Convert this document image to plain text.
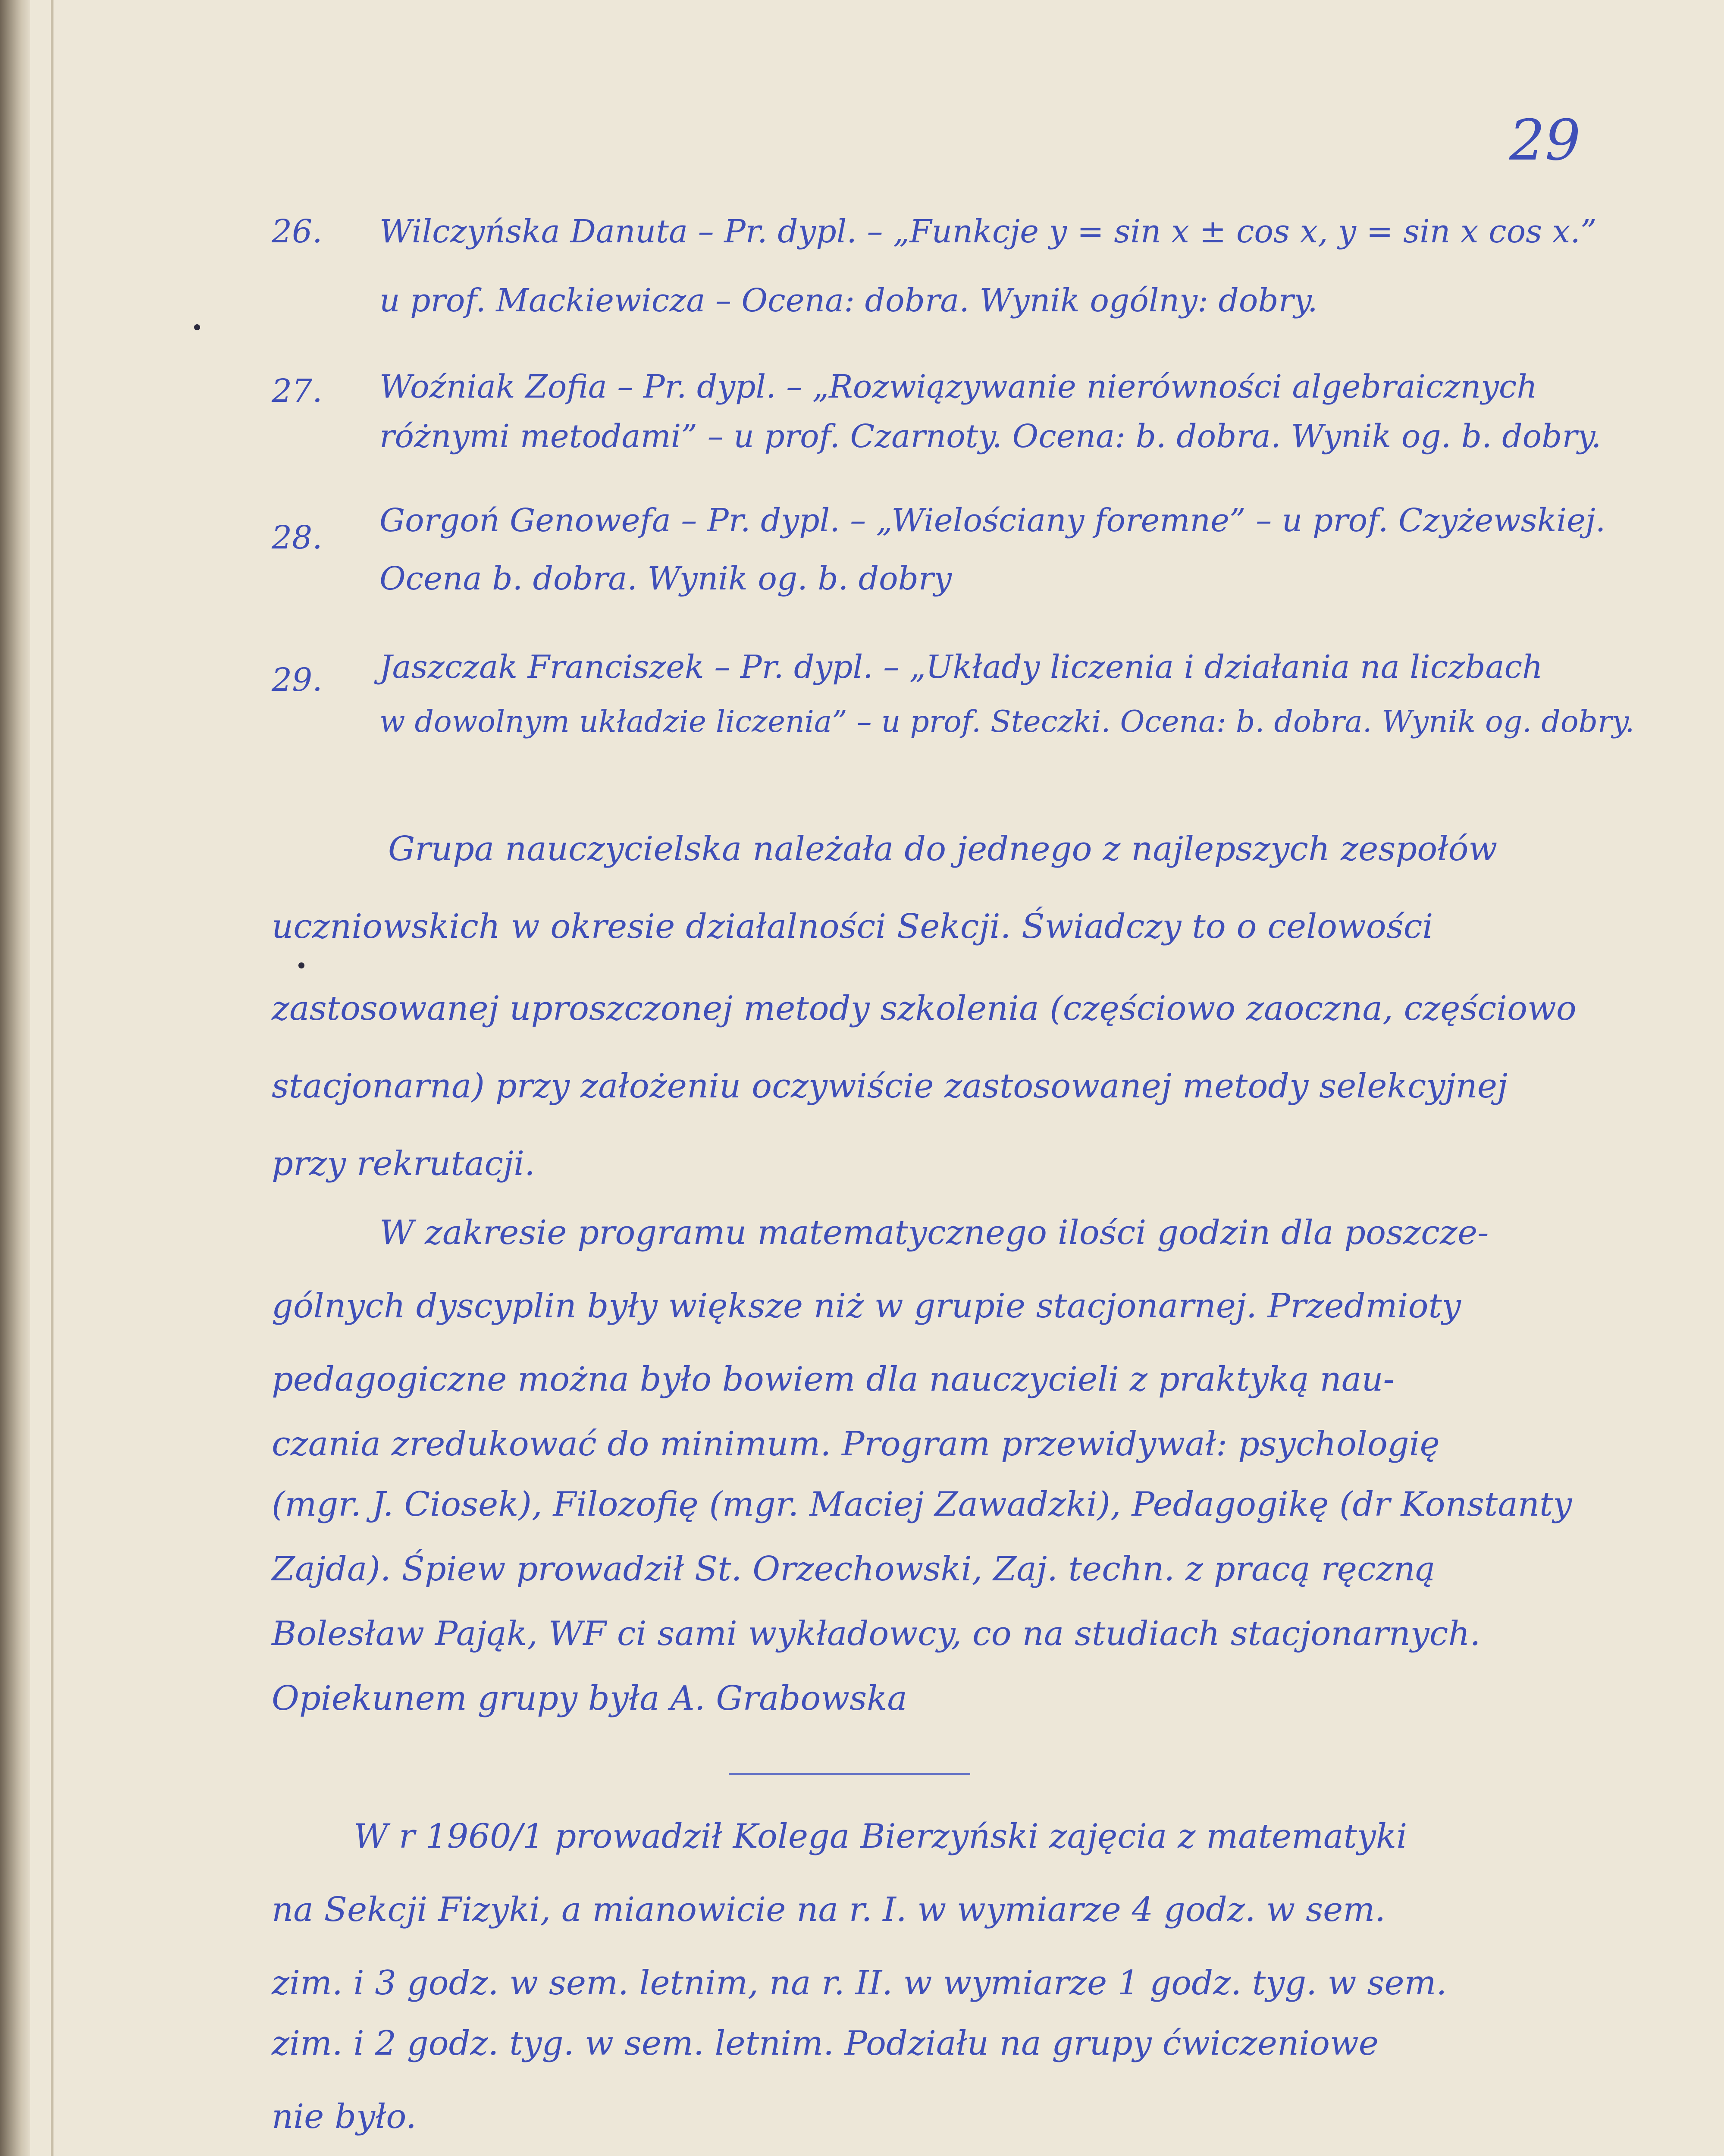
29
26. Wilczyńska Danuta – Pr. dypl. – „Funkcje y = sin x ± cos x, y = sin x cos x.”
u prof. Mackiewicza – Ocena: dobra. Wynik ogólny: dobry.
27. Woźniak Zofia – Pr. dypl. – „Rozwiązywanie nierówności algebraicznych
różnymi metodami” – u prof. Czarnoty. Ocena: b. dobra. Wynik og. b. dobry.
28. Gorgoń Genowefa – Pr. dypl. – „Wielościany foremne” – u prof. Czyżewskiej.
Ocena b. dobra. Wynik og. b. dobry
29. Jaszczak Franciszek – Pr. dypl. – „Układy liczenia i działania na liczbach
w dowolnym układzie liczenia” – u prof. Steczki. Ocena: b. dobra. Wynik og. dobry.
Grupa nauczycielska należała do jednego z najlepszych zespołów
uczniowskich w okresie działalności Sekcji. Świadczy to o celowości
zastosowanej uproszczonej metody szkolenia (częściowo zaoczna, częściowo
stacjonarna) przy założeniu oczywiście zastosowanej metody selekcyjnej
przy rekrutacji.
W zakresie programu matematycznego ilości godzin dla poszcze-
gólnych dyscyplin były większe niż w grupie stacjonarnej. Przedmioty
pedagogiczne można było bowiem dla nauczycieli z praktyką nau-
czania zredukować do minimum. Program przewidywał: psychologię
(mgr. J. Ciosek), Filozofię (mgr. Maciej Zawadzki), Pedagogikę (dr Konstanty
Zajda). Śpiew prowadził St. Orzechowski, Zaj. techn. z pracą ręczną
Bolesław Pająk, WF ci sami wykładowcy, co na studiach stacjonarnych.
Opiekunem grupy była A. Grabowska
W r 1960/1 prowadził Kolega Bierzyński zajęcia z matematyki
na Sekcji Fizyki, a mianowicie na r. I. w wymiarze 4 godz. w sem.
zim. i 3 godz. w sem. letnim, na r. II. w wymiarze 1 godz. tyg. w sem.
zim. i 2 godz. tyg. w sem. letnim. Podziału na grupy ćwiczeniowe
nie było.
